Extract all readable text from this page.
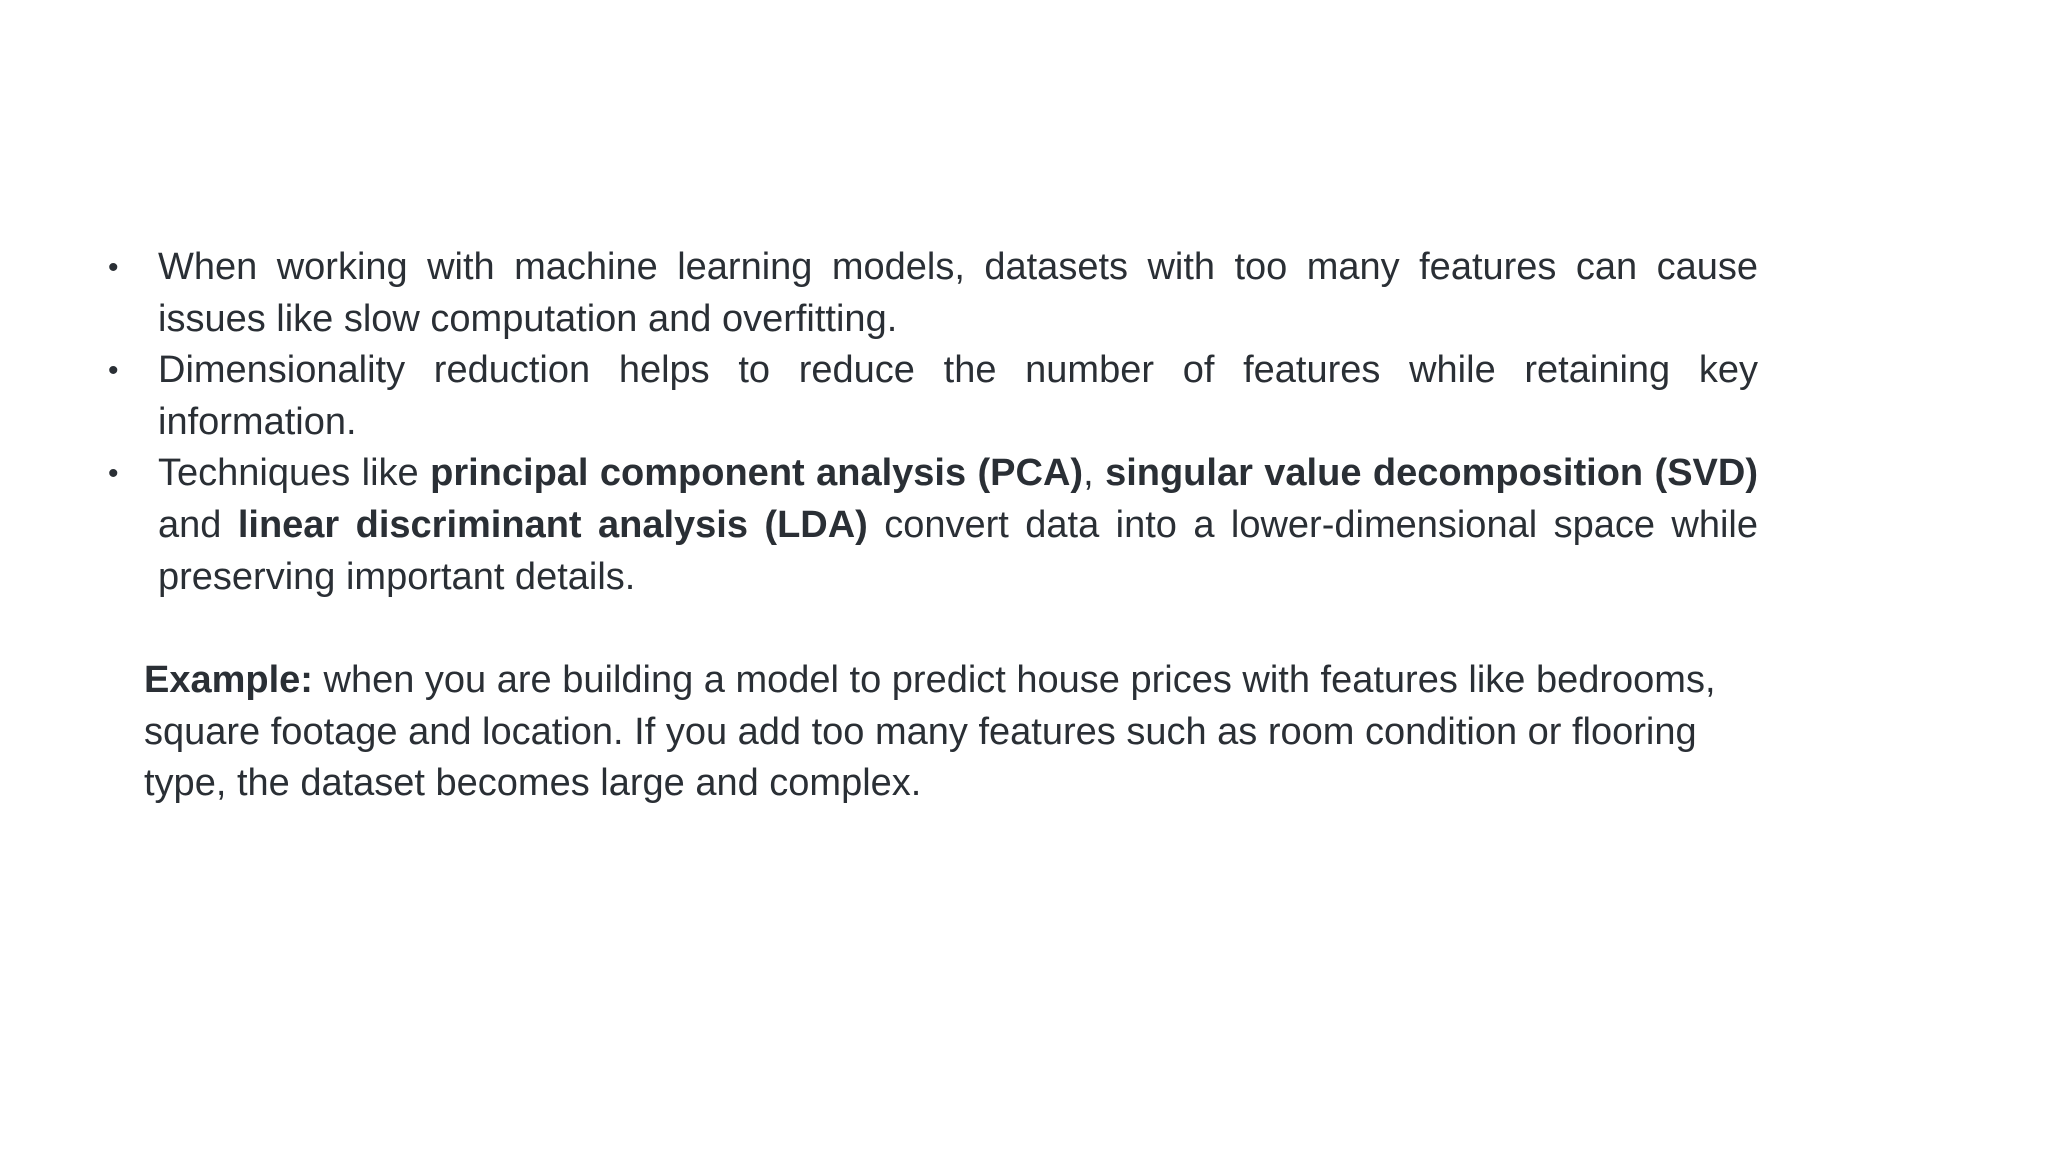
• When working with machine learning models, datasets with too many features can cause issues like slow computation and overfitting.
• Dimensionality reduction helps to reduce the number of features while retaining key information.
• Techniques like principal component analysis (PCA), singular value decomposition (SVD) and linear discriminant analysis (LDA) convert data into a lower-dimensional space while preserving important details.

Example: when you are building a model to predict house prices with features like bedrooms, square footage and location. If you add too many features such as room condition or flooring type, the dataset becomes large and complex.
